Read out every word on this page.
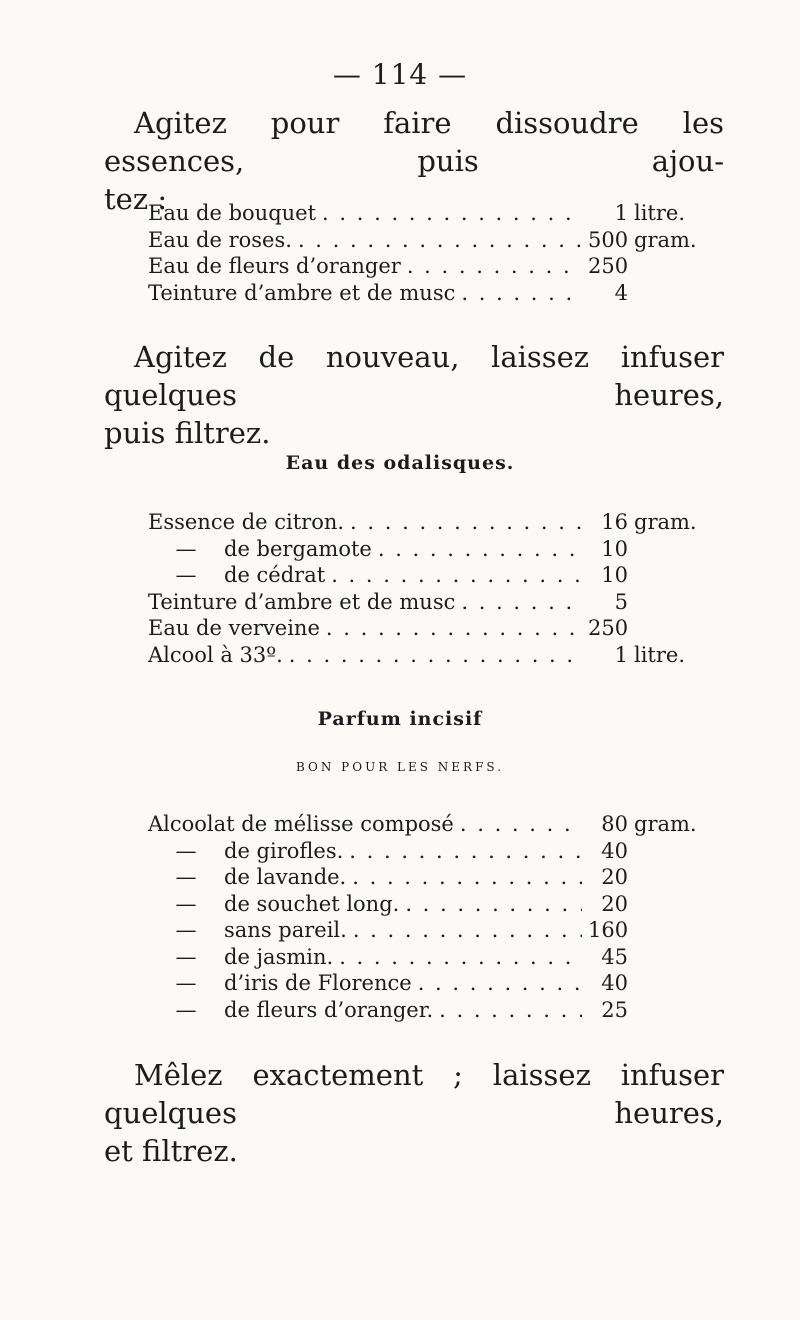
— 114 —

Agitez pour faire dissoudre les essences, puis ajou-
tez :

Eau de bouquet . . .	1 litre.
Eau de roses. . . .	500 gram.
Eau de fleurs d’oranger . . .	250
Teinture d’ambre et de musc . . .	4

Agitez de nouveau, laissez infuser quelques heures,
puis filtrez.

Eau des odalisques.
Essence de citron. . . .	16 gram.
—	de bergamote . . .	10
—	de cédrat . . .	10
Teinture d’ambre et de musc . . .	5
Eau de verveine . . .	250
Alcool à 33º. . . .	1 litre.
Parfum incisif
BON POUR LES NERFS.
Alcoolat de mélisse composé . . .	80 gram.
—	de girofles. . . .	40
—	de lavande. . . .	20
—	de souchet long. . . .	20
—	sans pareil. . . .	160
—	de jasmin. . . .	45
—	d’iris de Florence . . .	40
—	de fleurs d’oranger. . . .	25

Mêlez exactement ; laissez infuser quelques heures,
et filtrez.
